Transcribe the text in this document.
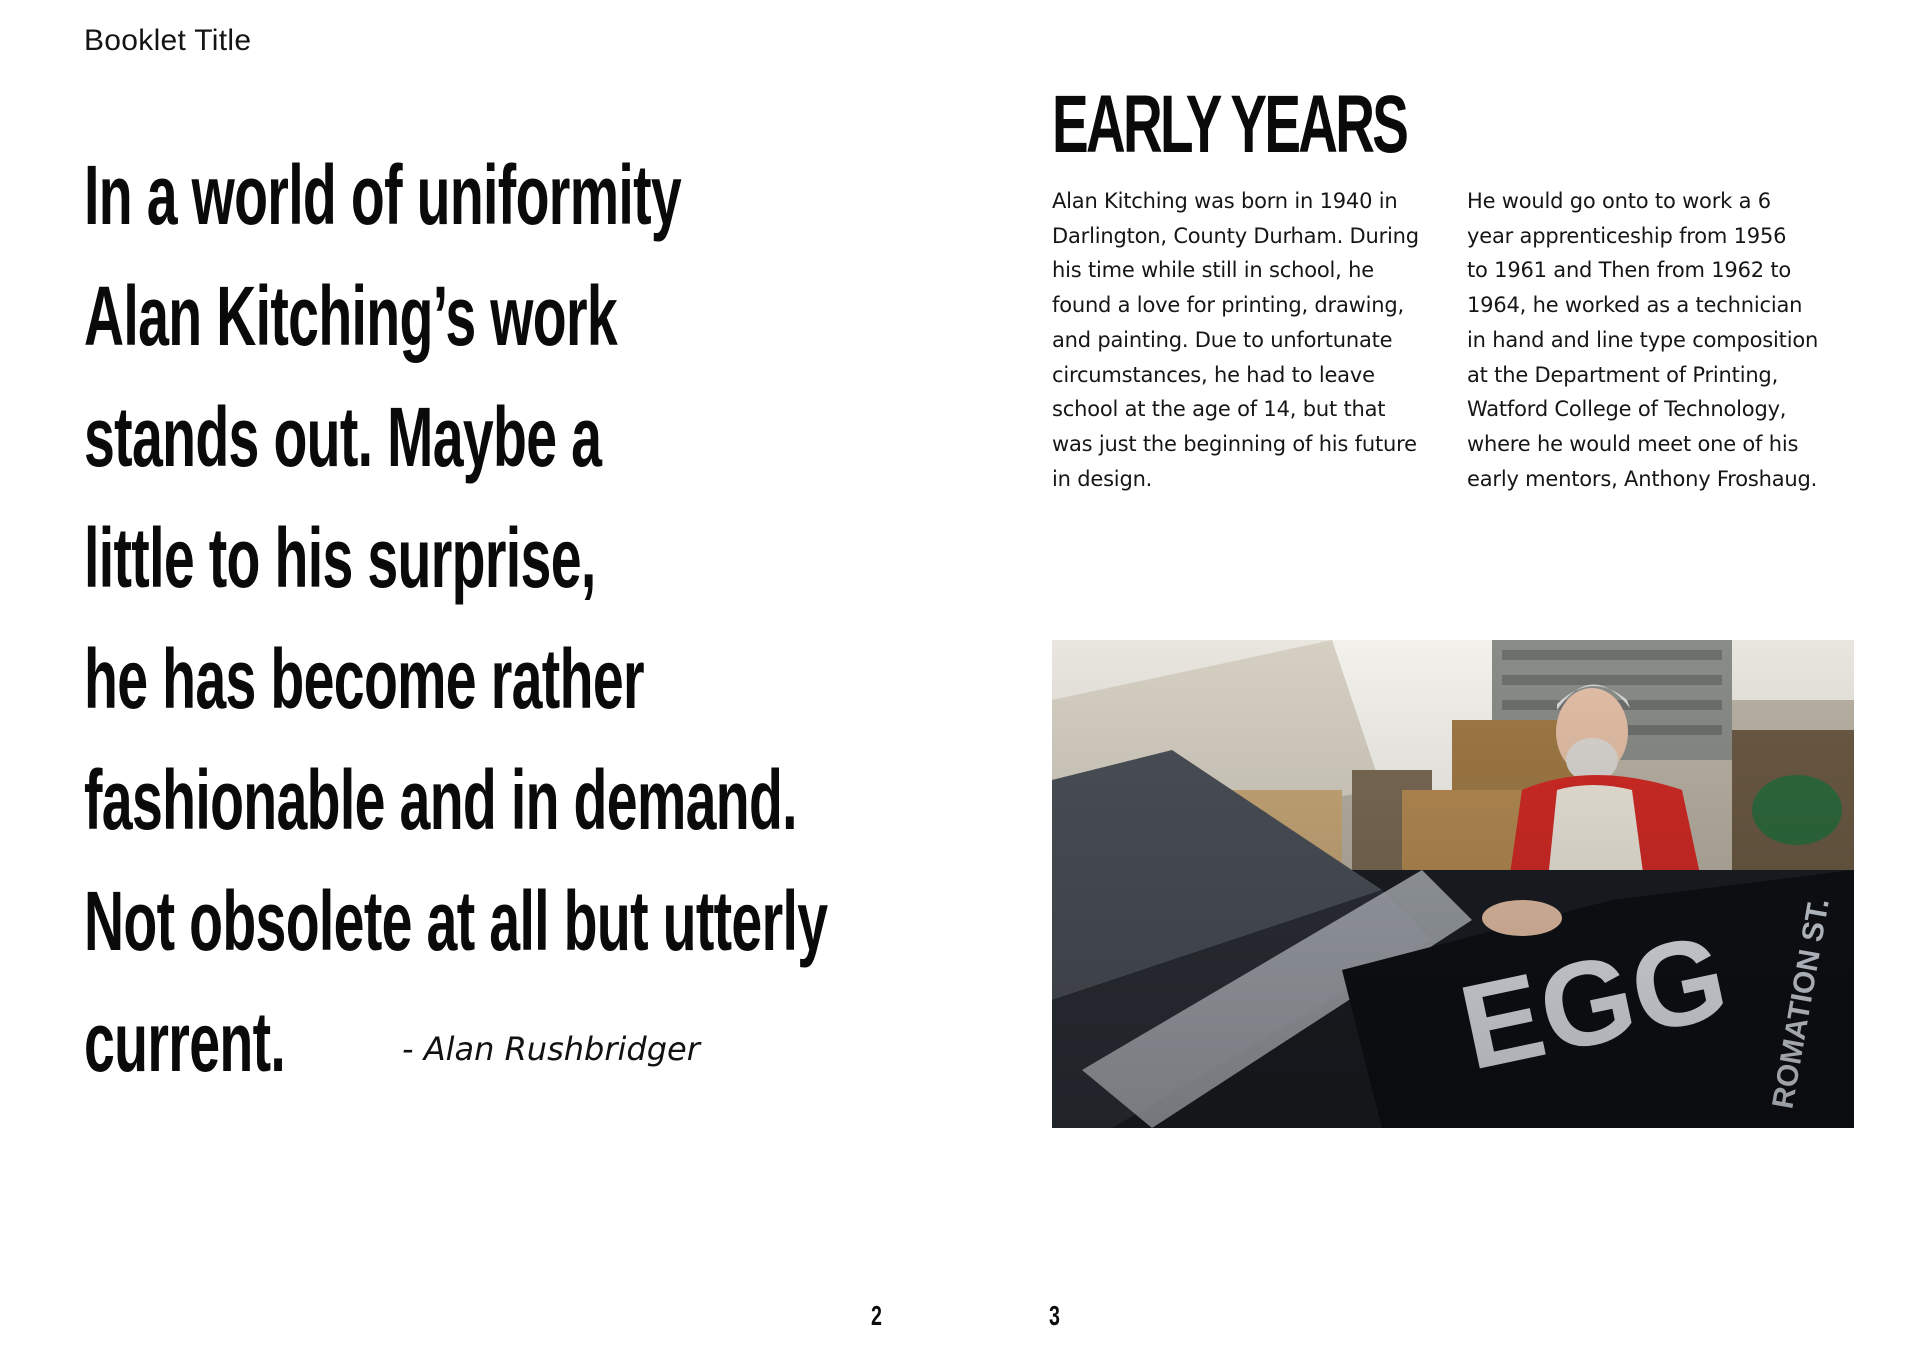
Booklet Title
In a world of uniformity
Alan Kitching’s work
stands out. Maybe a
little to his surprise,
he has become rather
fashionable and in demand.
Not obsolete at all but utterly
current.	- Alan Rushbridger
2
EARLY YEARS
Alan Kitching was born in 1940 in
Darlington, County Durham. During
his time while still in school, he
found a love for printing, drawing,
and painting. Due to unfortunate
circumstances, he had to leave
school at the age of 14, but that
was just the beginning of his future
in design.
He would go onto to work a 6
year apprenticeship from 1956
to 1961 and Then from 1962 to
1964, he worked as a technician
in hand and line type composition
at the Department of Printing,
Watford College of Technology,
where he would meet one of his
early mentors, Anthony Froshaug.
3
